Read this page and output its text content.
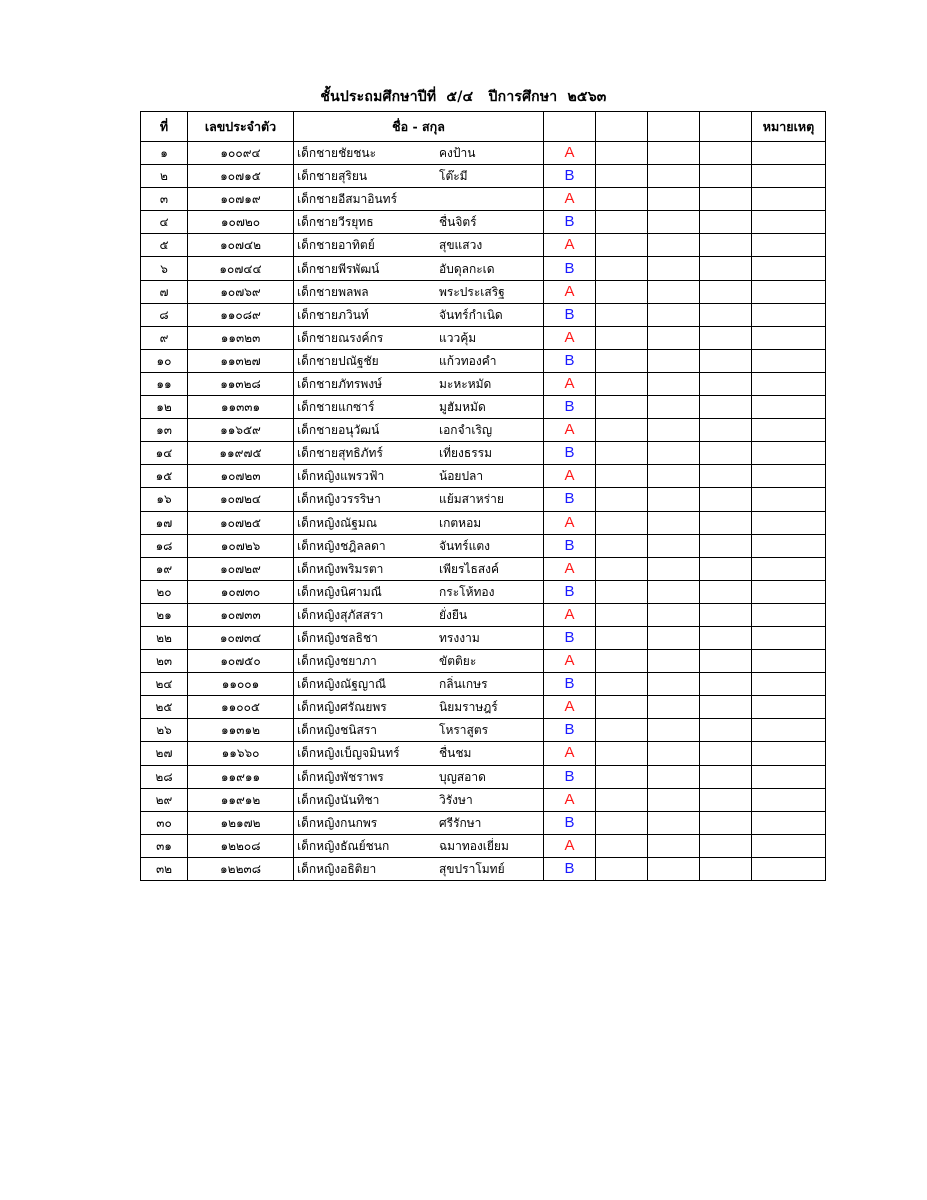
ชั้นประถมศึกษาปีที่  ๕/๔   ปีการศึกษา  ๒๕๖๓
ที่	เลขประจำตัว	ชื่อ - สกุล					หมายเหตุ
๑	๑๐๐๙๔	เด็กชายชัยชนะ คงป้าน	A				
๒	๑๐๗๑๕	เด็กชายสุริยน โต๊ะมี	B				
๓	๑๐๗๑๙	เด็กชายอีสมาอินทร์	A				
๔	๑๐๗๒๐	เด็กชายวีรยุทธ ชื่นจิตร์	B				
๕	๑๐๗๔๒	เด็กชายอาทิตย์ สุขแสวง	A				
๖	๑๐๗๔๔	เด็กชายพีรพัฒน์ อับดุลกะเด	B				
๗	๑๐๗๖๙	เด็กชายพลพล พระประเสริฐ	A				
๘	๑๑๐๘๙	เด็กชายภวินท์ จันทร์กำเนิด	B				
๙	๑๑๓๒๓	เด็กชายณรงค์กร แววคุ้ม	A				
๑๐	๑๑๓๒๗	เด็กชายปณัฐชัย แก้วทองคำ	B				
๑๑	๑๑๓๒๘	เด็กชายภัทรพงษ์ มะหะหมัด	A				
๑๒	๑๑๓๓๑	เด็กชายแกซาร์ มูฮัมหมัด	B				
๑๓	๑๑๖๕๙	เด็กชายอนุวัฒน์ เอกจำเริญ	A				
๑๔	๑๑๙๗๕	เด็กชายสุทธิภัทร์ เที่ยงธรรม	B				
๑๕	๑๐๗๒๓	เด็กหญิงแพรวฟ้า น้อยปลา	A				
๑๖	๑๐๗๒๔	เด็กหญิงวรรริษา แย้มสาหร่าย	B				
๑๗	๑๐๗๒๕	เด็กหญิงณัฐมณ เกตหอม	A				
๑๘	๑๐๗๒๖	เด็กหญิงชฎิลลดา จันทร์แตง	B				
๑๙	๑๐๗๒๙	เด็กหญิงพริมรตา เพียรไธสงค์	A				
๒๐	๑๐๗๓๐	เด็กหญิงนิศามณี กระโห้ทอง	B				
๒๑	๑๐๗๓๓	เด็กหญิงสุภัสสรา ยั่งยืน	A				
๒๒	๑๐๗๓๔	เด็กหญิงชลธิชา ทรงงาม	B				
๒๓	๑๐๗๕๐	เด็กหญิงชยาภา ขัตติยะ	A				
๒๔	๑๑๐๐๑	เด็กหญิงณัฐญาณี กลิ่นเกษร	B				
๒๕	๑๑๐๐๕	เด็กหญิงศรัณยพร นิยมราษฎร์	A				
๒๖	๑๑๓๑๒	เด็กหญิงชนิสรา โหราสูตร	B				
๒๗	๑๑๖๖๐	เด็กหญิงเบ็ญจมินทร์ ชื่นชม	A				
๒๘	๑๑๙๑๑	เด็กหญิงพัชราพร บุญสอาด	B				
๒๙	๑๑๙๑๒	เด็กหญิงนันทิชา วิรังษา	A				
๓๐	๑๒๑๗๒	เด็กหญิงกนกพร ศรีรักษา	B				
๓๑	๑๒๒๐๘	เด็กหญิงธัณย์ชนก ฉมาทองเยี่ยม	A				
๓๒	๑๒๒๓๘	เด็กหญิงอธิติยา สุขปราโมทย์	B				
